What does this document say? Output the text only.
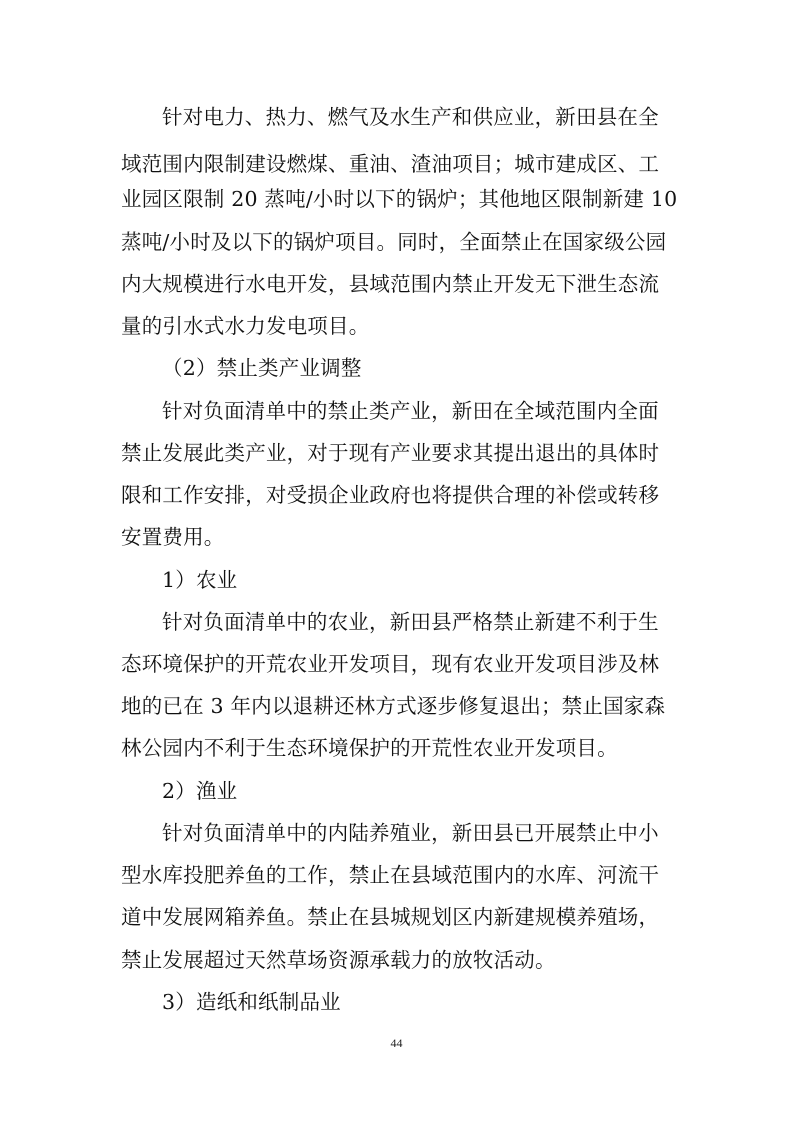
针对电力、热力、燃气及水生产和供应业，新田县在全
域范围内限制建设燃煤、重油、渣油项目；城市建成区、工
业园区限制 20 蒸吨/小时以下的锅炉；其他地区限制新建 10
蒸吨/小时及以下的锅炉项目。同时，全面禁止在国家级公园
内大规模进行水电开发，县域范围内禁止开发无下泄生态流
量的引水式水力发电项目。
（2）禁止类产业调整
针对负面清单中的禁止类产业，新田在全域范围内全面
禁止发展此类产业，对于现有产业要求其提出退出的具体时
限和工作安排，对受损企业政府也将提供合理的补偿或转移
安置费用。
1）农业
针对负面清单中的农业，新田县严格禁止新建不利于生
态环境保护的开荒农业开发项目，现有农业开发项目涉及林
地的已在 3 年内以退耕还林方式逐步修复退出；禁止国家森
林公园内不利于生态环境保护的开荒性农业开发项目。
2）渔业
针对负面清单中的内陆养殖业，新田县已开展禁止中小
型水库投肥养鱼的工作，禁止在县域范围内的水库、河流干
道中发展网箱养鱼。禁止在县城规划区内新建规模养殖场，
禁止发展超过天然草场资源承载力的放牧活动。
3）造纸和纸制品业
44
